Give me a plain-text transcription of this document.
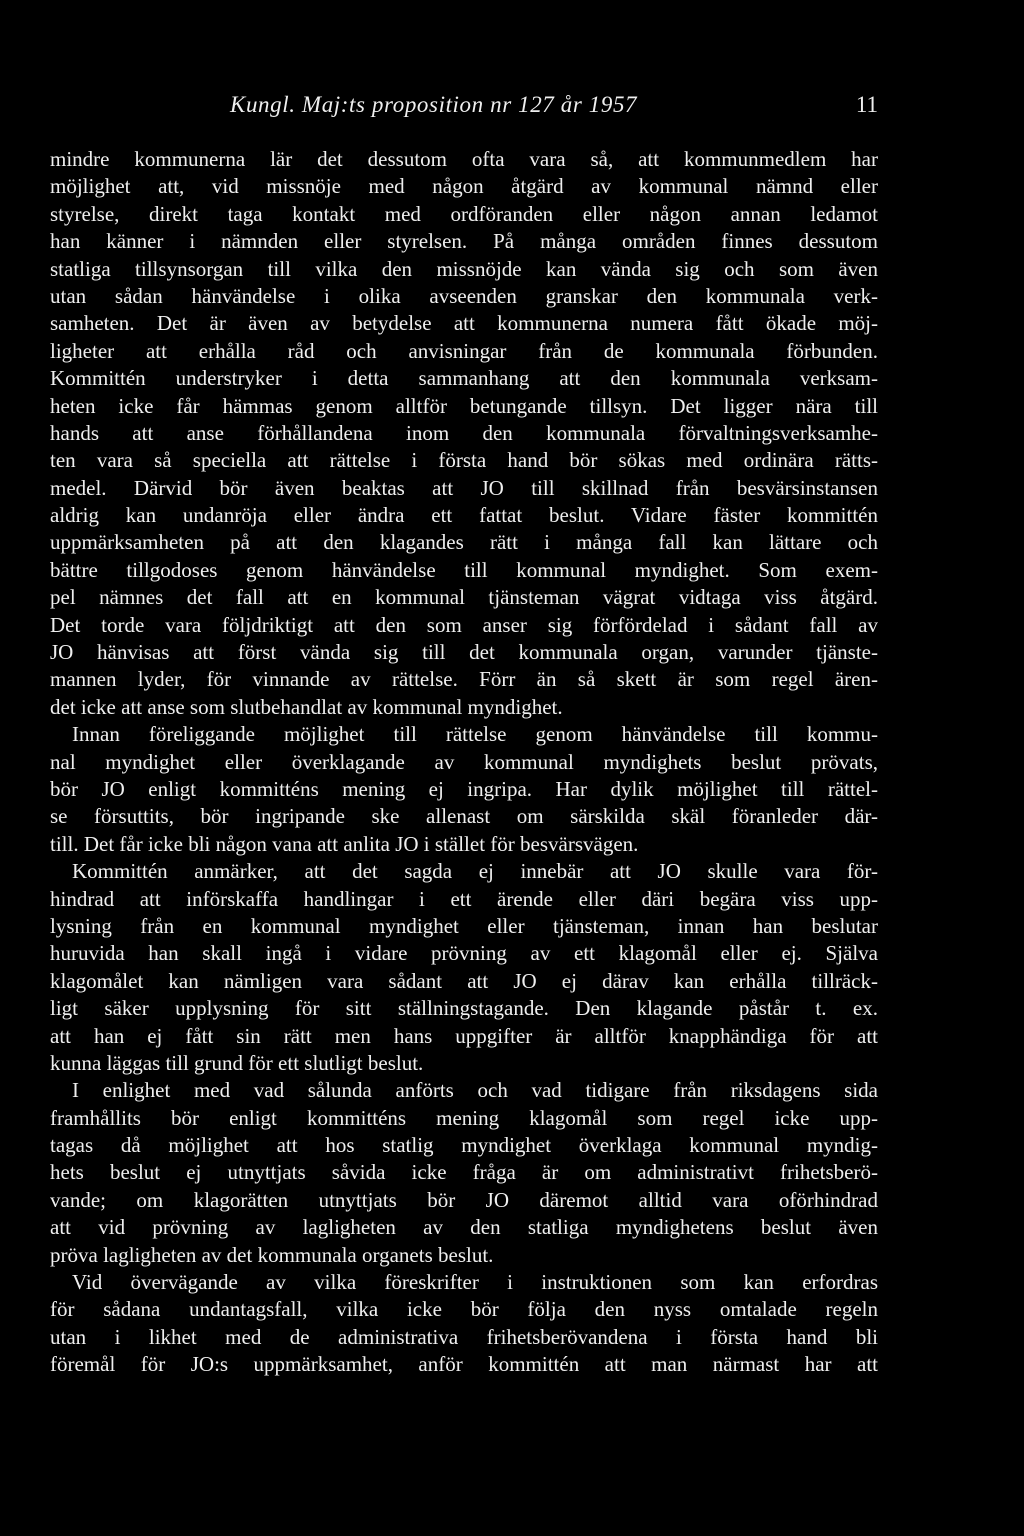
Kungl. Maj:ts proposition nr 127 år 1957	11
mindre kommunerna lär det dessutom ofta vara så, att kommunmedlem har
möjlighet att, vid missnöje med någon åtgärd av kommunal nämnd eller
styrelse, direkt taga kontakt med ordföranden eller någon annan ledamot
han känner i nämnden eller styrelsen. På många områden finnes dessutom
statliga tillsynsorgan till vilka den missnöjde kan vända sig och som även
utan sådan hänvändelse i olika avseenden granskar den kommunala verk-
samheten. Det är även av betydelse att kommunerna numera fått ökade möj-
ligheter att erhålla råd och anvisningar från de kommunala förbunden.
Kommittén understryker i detta sammanhang att den kommunala verksam-
heten icke får hämmas genom alltför betungande tillsyn. Det ligger nära till
hands att anse förhållandena inom den kommunala förvaltningsverksamhe-
ten vara så speciella att rättelse i första hand bör sökas med ordinära rätts-
medel. Därvid bör även beaktas att JO till skillnad från besvärsinstansen
aldrig kan undanröja eller ändra ett fattat beslut. Vidare fäster kommittén
uppmärksamheten på att den klagandes rätt i många fall kan lättare och
bättre tillgodoses genom hänvändelse till kommunal myndighet. Som exem-
pel nämnes det fall att en kommunal tjänsteman vägrat vidtaga viss åtgärd.
Det torde vara följdriktigt att den som anser sig förfördelad i sådant fall av
JO hänvisas att först vända sig till det kommunala organ, varunder tjänste-
mannen lyder, för vinnande av rättelse. Förr än så skett är som regel ären-
det icke att anse som slutbehandlat av kommunal myndighet.
Innan föreliggande möjlighet till rättelse genom hänvändelse till kommu-
nal myndighet eller överklagande av kommunal myndighets beslut prövats,
bör JO enligt kommitténs mening ej ingripa. Har dylik möjlighet till rättel-
se försuttits, bör ingripande ske allenast om särskilda skäl föranleder där-
till. Det får icke bli någon vana att anlita JO i stället för besvärsvägen.
Kommittén anmärker, att det sagda ej innebär att JO skulle vara för-
hindrad att införskaffa handlingar i ett ärende eller däri begära viss upp-
lysning från en kommunal myndighet eller tjänsteman, innan han beslutar
huruvida han skall ingå i vidare prövning av ett klagomål eller ej. Själva
klagomålet kan nämligen vara sådant att JO ej därav kan erhålla tillräck-
ligt säker upplysning för sitt ställningstagande. Den klagande påstår t. ex.
att han ej fått sin rätt men hans uppgifter är alltför knapphändiga för att
kunna läggas till grund för ett slutligt beslut.
I enlighet med vad sålunda anförts och vad tidigare från riksdagens sida
framhållits bör enligt kommitténs mening klagomål som regel icke upp-
tagas då möjlighet att hos statlig myndighet överklaga kommunal myndig-
hets beslut ej utnyttjats såvida icke fråga är om administrativt frihetsberö-
vande; om klagorätten utnyttjats bör JO däremot alltid vara oförhindrad
att vid prövning av lagligheten av den statliga myndighetens beslut även
pröva lagligheten av det kommunala organets beslut.
Vid övervägande av vilka föreskrifter i instruktionen som kan erfordras
för sådana undantagsfall, vilka icke bör följa den nyss omtalade regeln
utan i likhet med de administrativa frihetsberövandena i första hand bli
föremål för JO:s uppmärksamhet, anför kommittén att man närmast har att
